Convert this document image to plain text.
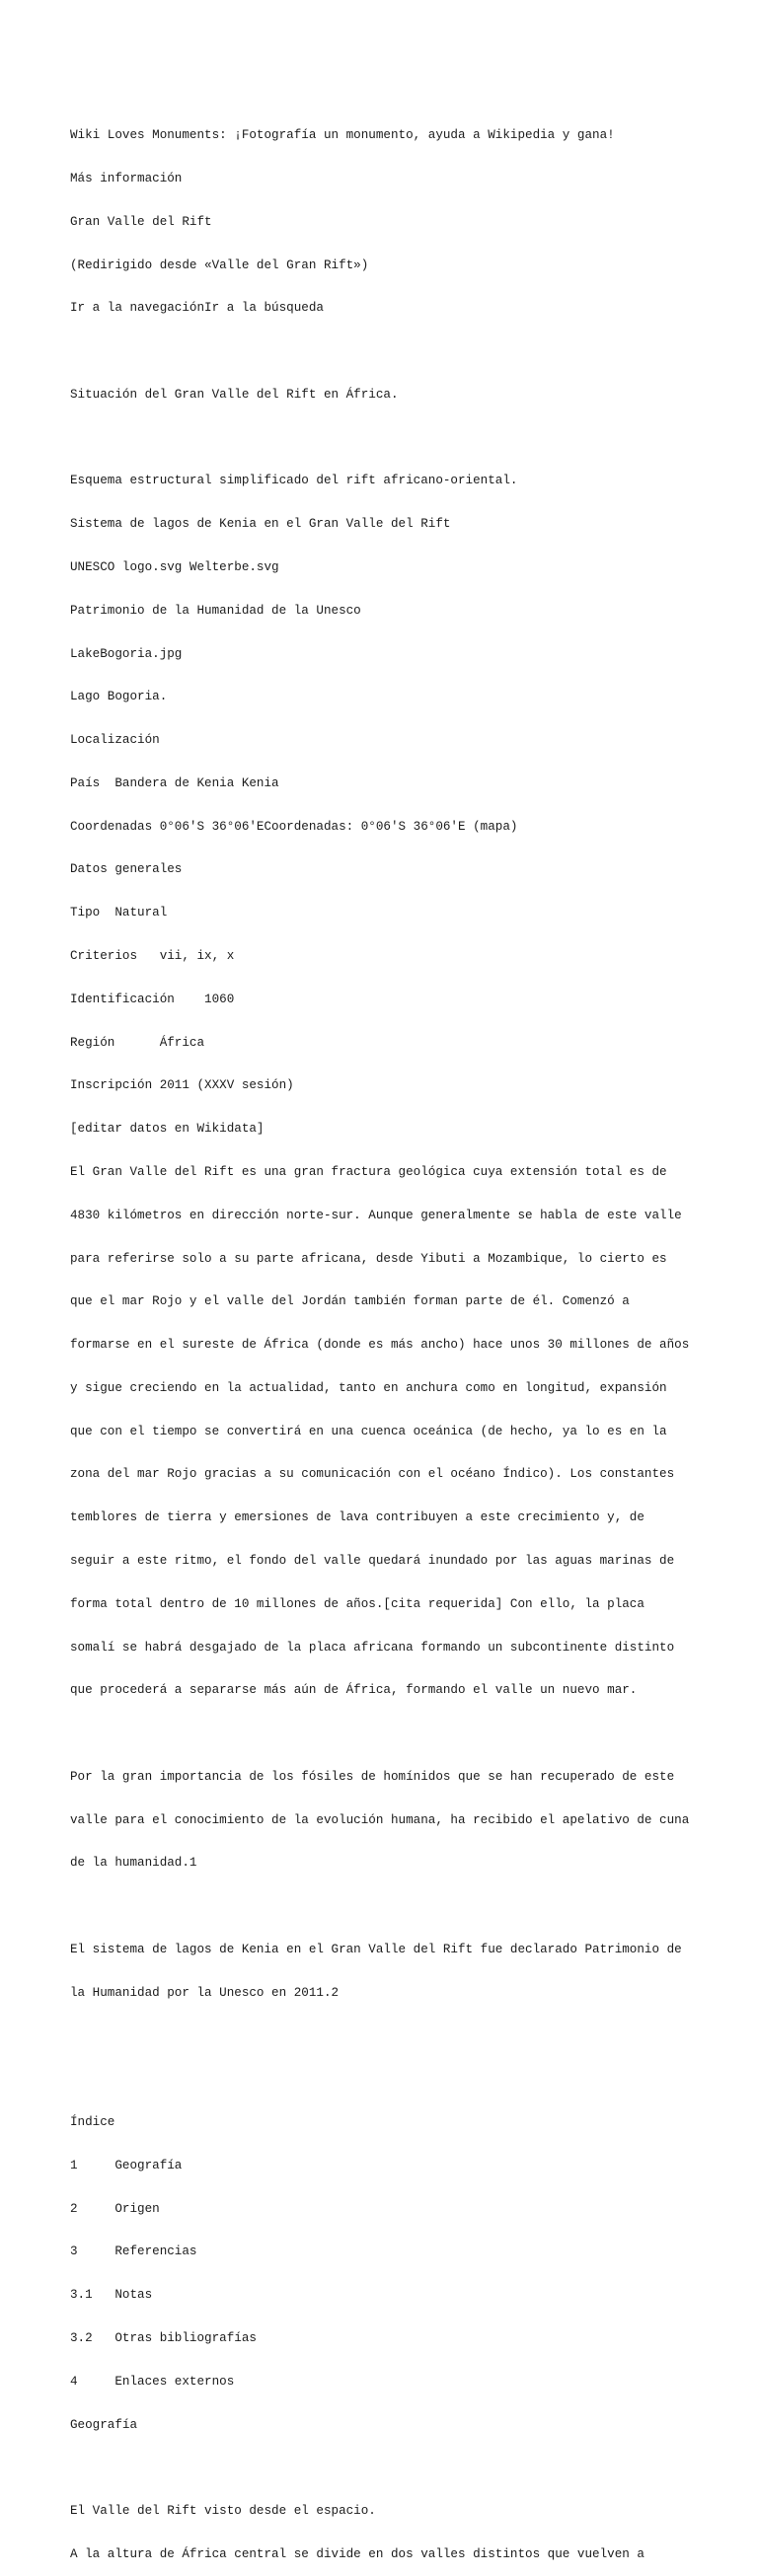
Wiki Loves Monuments: ¡Fotografía un monumento, ayuda a Wikipedia y gana!

Más información

Gran Valle del Rift

(Redirigido desde «Valle del Gran Rift»)

Ir a la navegaciónIr a la búsqueda

Situación del Gran Valle del Rift en África.

Esquema estructural simplificado del rift africano-oriental.

Sistema de lagos de Kenia en el Gran Valle del Rift

UNESCO logo.svg Welterbe.svg

Patrimonio de la Humanidad de la Unesco

LakeBogoria.jpg

Lago Bogoria.

Localización

País  Bandera de Kenia Kenia

Coordenadas 0°06′S 36°06′ECoordenadas: 0°06′S 36°06′E (mapa)

Datos generales

Tipo  Natural

Criterios   vii, ix, x

Identificación    1060

Región      África

Inscripción 2011 (XXXV sesión)

[editar datos en Wikidata]

El Gran Valle del Rift es una gran fractura geológica cuya extensión total es de

4830 kilómetros en dirección norte-sur. Aunque generalmente se habla de este valle

para referirse solo a su parte africana, desde Yibuti a Mozambique, lo cierto es

que el mar Rojo y el valle del Jordán también forman parte de él. Comenzó a

formarse en el sureste de África (donde es más ancho) hace unos 30 millones de años

y sigue creciendo en la actualidad, tanto en anchura como en longitud, expansión

que con el tiempo se convertirá en una cuenca oceánica (de hecho, ya lo es en la

zona del mar Rojo gracias a su comunicación con el océano Índico). Los constantes

temblores de tierra y emersiones de lava contribuyen a este crecimiento y, de

seguir a este ritmo, el fondo del valle quedará inundado por las aguas marinas de

forma total dentro de 10 millones de años.[cita requerida] Con ello, la placa

somalí se habrá desgajado de la placa africana formando un subcontinente distinto

que procederá a separarse más aún de África, formando el valle un nuevo mar.

Por la gran importancia de los fósiles de homínidos que se han recuperado de este

valle para el conocimiento de la evolución humana, ha recibido el apelativo de cuna

de la humanidad.1

El sistema de lagos de Kenia en el Gran Valle del Rift fue declarado Patrimonio de

la Humanidad por la Unesco en 2011.2

Índice

1     Geografía

2     Origen

3     Referencias

3.1   Notas

3.2   Otras bibliografías

4     Enlaces externos

Geografía

El Valle del Rift visto desde el espacio.

A la altura de África central se divide en dos valles distintos que vuelven a
